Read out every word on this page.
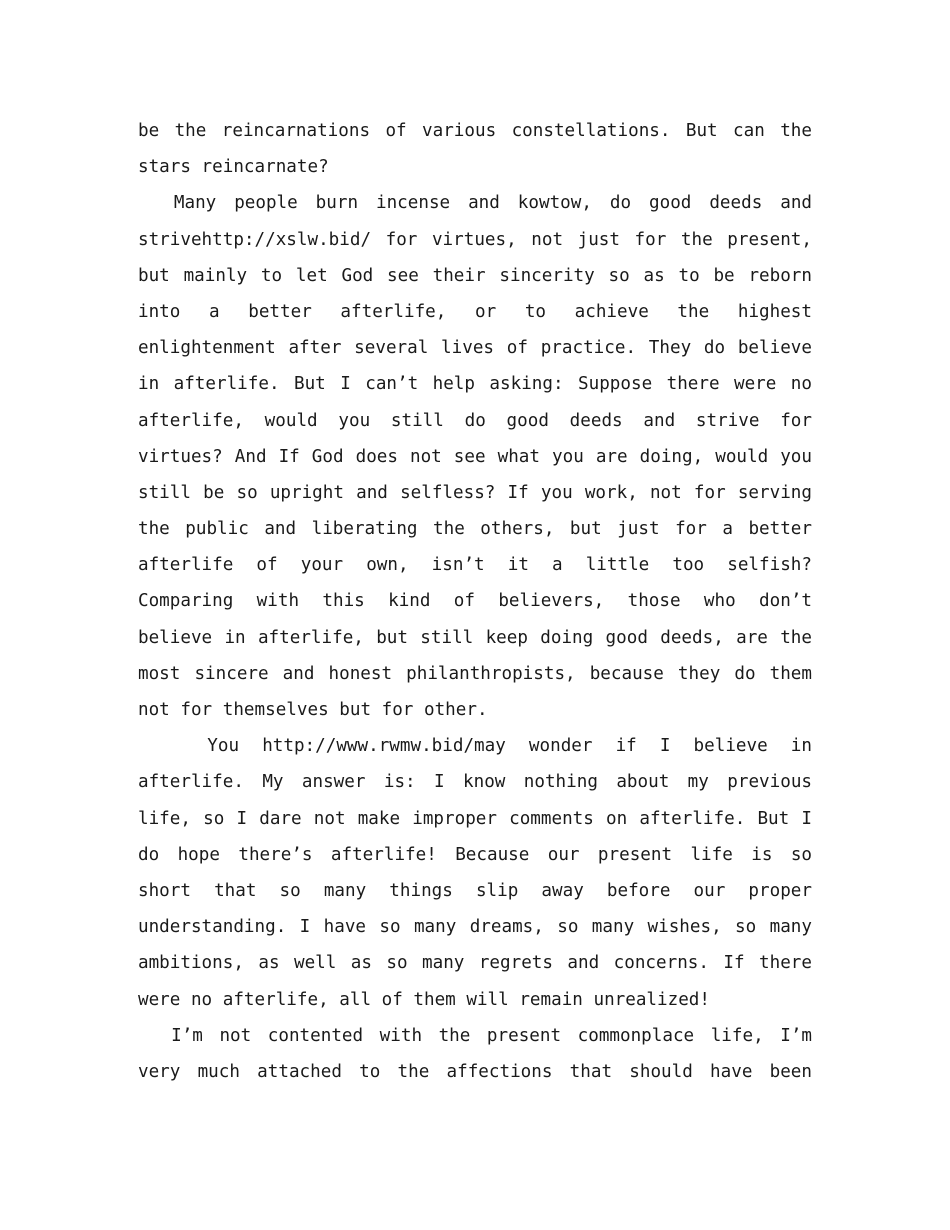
be the reincarnations of various constellations. But can the
stars reincarnate?
Many people burn incense and kowtow, do good deeds and
strivehttp://xslw.bid/ for virtues, not just for the present,
but mainly to let God see their sincerity so as to be reborn
into a better afterlife, or to achieve the highest
enlightenment after several lives of practice. They do believe
in afterlife. But I can’t help asking: Suppose there were no
afterlife, would you still do good deeds and strive for
virtues? And If God does not see what you are doing, would you
still be so upright and selfless? If you work, not for serving
the public and liberating the others, but just for a better
afterlife of your own, isn’t it a little too selfish?
Comparing with this kind of believers, those who don’t
believe in afterlife, but still keep doing good deeds, are the
most sincere and honest philanthropists, because they do them
not for themselves but for other.
You http://www.rwmw.bid/may wonder if I believe in
afterlife. My answer is: I know nothing about my previous
life, so I dare not make improper comments on afterlife. But I
do hope there’s afterlife! Because our present life is so
short that so many things slip away before our proper
understanding. I have so many dreams, so many wishes, so many
ambitions, as well as so many regrets and concerns. If there
were no afterlife, all of them will remain unrealized!
I’m not contented with the present commonplace life, I’m
very much attached to the affections that should have been
